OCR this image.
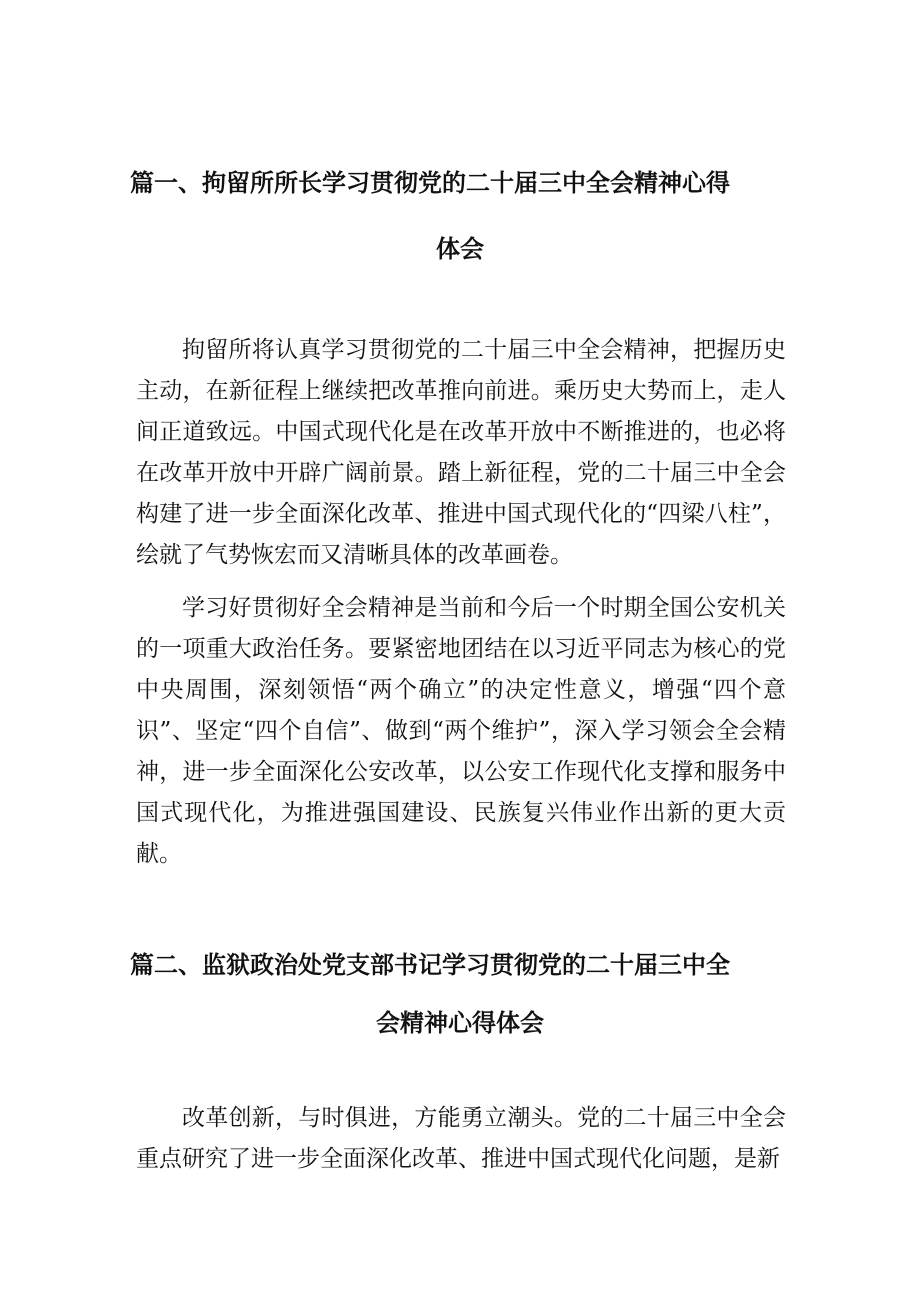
篇一、拘留所所长学习贯彻党的二十届三中全会精神心得
体会
拘留所将认真学习贯彻党的二十届三中全会精神，把握历史主动，在新征程上继续把改革推向前进。乘历史大势而上，走人间正道致远。中国式现代化是在改革开放中不断推进的，也必将在改革开放中开辟广阔前景。踏上新征程，党的二十届三中全会构建了进一步全面深化改革、推进中国式现代化的“四梁八柱”，绘就了气势恢宏而又清晰具体的改革画卷。
学习好贯彻好全会精神是当前和今后一个时期全国公安机关的一项重大政治任务。要紧密地团结在以习近平同志为核心的党中央周围，深刻领悟“两个确立”的决定性意义，增强“四个意识”、坚定“四个自信”、做到“两个维护”，深入学习领会全会精神，进一步全面深化公安改革，以公安工作现代化支撑和服务中国式现代化，为推进强国建设、民族复兴伟业作出新的更大贡献。
篇二、监狱政治处党支部书记学习贯彻党的二十届三中全
会精神心得体会
改革创新，与时俱进，方能勇立潮头。党的二十届三中全会重点研究了进一步全面深化改革、推进中国式现代化问题，是新
